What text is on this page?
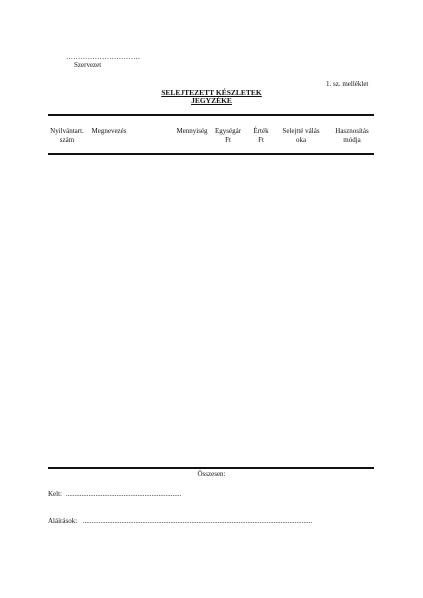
………………………….
Szervezet
1. sz. melléklet
SELEJTEZETT KÉSZLETEK
JEGYZÉKE
Nyilvántart.
szám
Megnevezés	Mennyiség	Egységár
Ft
Érték
Ft
Selejtté válás
oka
Hasznosítás
módja
Összesen:
Kelt: ..................................................................
Aláírások: ...................................................................................................................................
